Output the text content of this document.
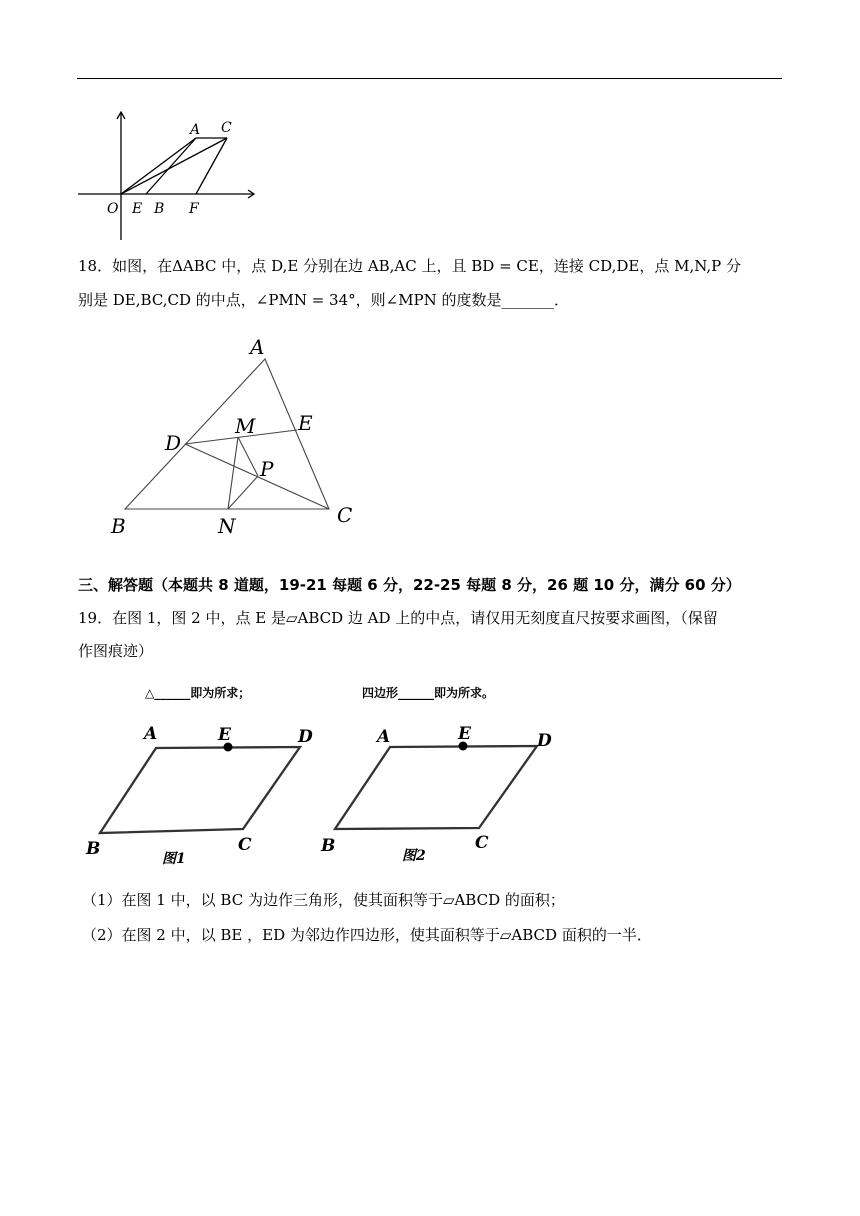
A C
O E B F
18．如图，在ΔABC 中，点 D,E 分别在边 AB,AC 上，且 BD = CE，连接 CD,DE，点 M,N,P 分
别是 DE,BC,CD 的中点，∠PMN = 34°，则∠MPN 的度数是_______．
A
B	C
D
E
M
N
P
三、解答题（本题共 8 道题，19-21 每题 6 分，22-25 每题 8 分，26 题 10 分，满分 60 分）
19．在图 1，图 2 中，点 E 是▱ABCD 边 AD 上的中点，请仅用无刻度直尺按要求画图，（保留
作图痕迹）
△______即为所求；	四边形______即为所求。
A	E	D
B	C
图1
A	E	D
B	C
图2
（1）在图 1 中，以 BC 为边作三角形，使其面积等于▱ABCD 的面积；
（2）在图 2 中，以 BE ，ED 为邻边作四边形，使其面积等于▱ABCD 面积的一半．
